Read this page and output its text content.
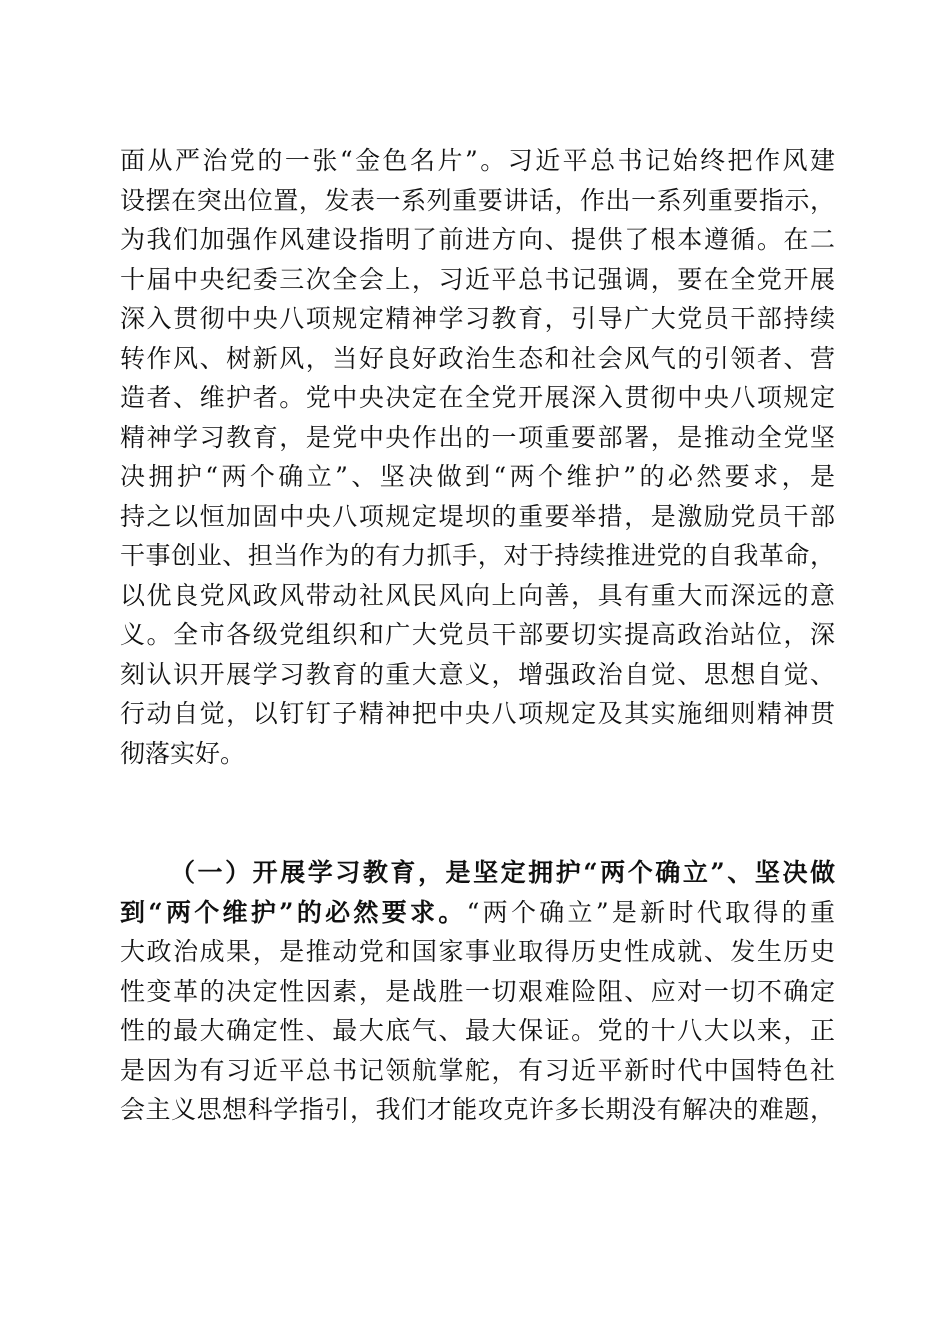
面从严治党的一张“金色名片”。习近平总书记始终把作风建
设摆在突出位置，发表一系列重要讲话，作出一系列重要指示，
为我们加强作风建设指明了前进方向、提供了根本遵循。在二
十届中央纪委三次全会上，习近平总书记强调，要在全党开展
深入贯彻中央八项规定精神学习教育，引导广大党员干部持续
转作风、树新风，当好良好政治生态和社会风气的引领者、营
造者、维护者。党中央决定在全党开展深入贯彻中央八项规定
精神学习教育，是党中央作出的一项重要部署，是推动全党坚
决拥护“两个确立”、坚决做到“两个维护”的必然要求，是
持之以恒加固中央八项规定堤坝的重要举措，是激励党员干部
干事创业、担当作为的有力抓手，对于持续推进党的自我革命，
以优良党风政风带动社风民风向上向善，具有重大而深远的意
义。全市各级党组织和广大党员干部要切实提高政治站位，深
刻认识开展学习教育的重大意义，增强政治自觉、思想自觉、
行动自觉，以钉钉子精神把中央八项规定及其实施细则精神贯
彻落实好。
（一）开展学习教育，是坚定拥护“两个确立”、坚决做
到“两个维护”的必然要求。“两个确立”是新时代取得的重
大政治成果，是推动党和国家事业取得历史性成就、发生历史
性变革的决定性因素，是战胜一切艰难险阻、应对一切不确定
性的最大确定性、最大底气、最大保证。党的十八大以来，正
是因为有习近平总书记领航掌舵，有习近平新时代中国特色社
会主义思想科学指引，我们才能攻克许多长期没有解决的难题，
